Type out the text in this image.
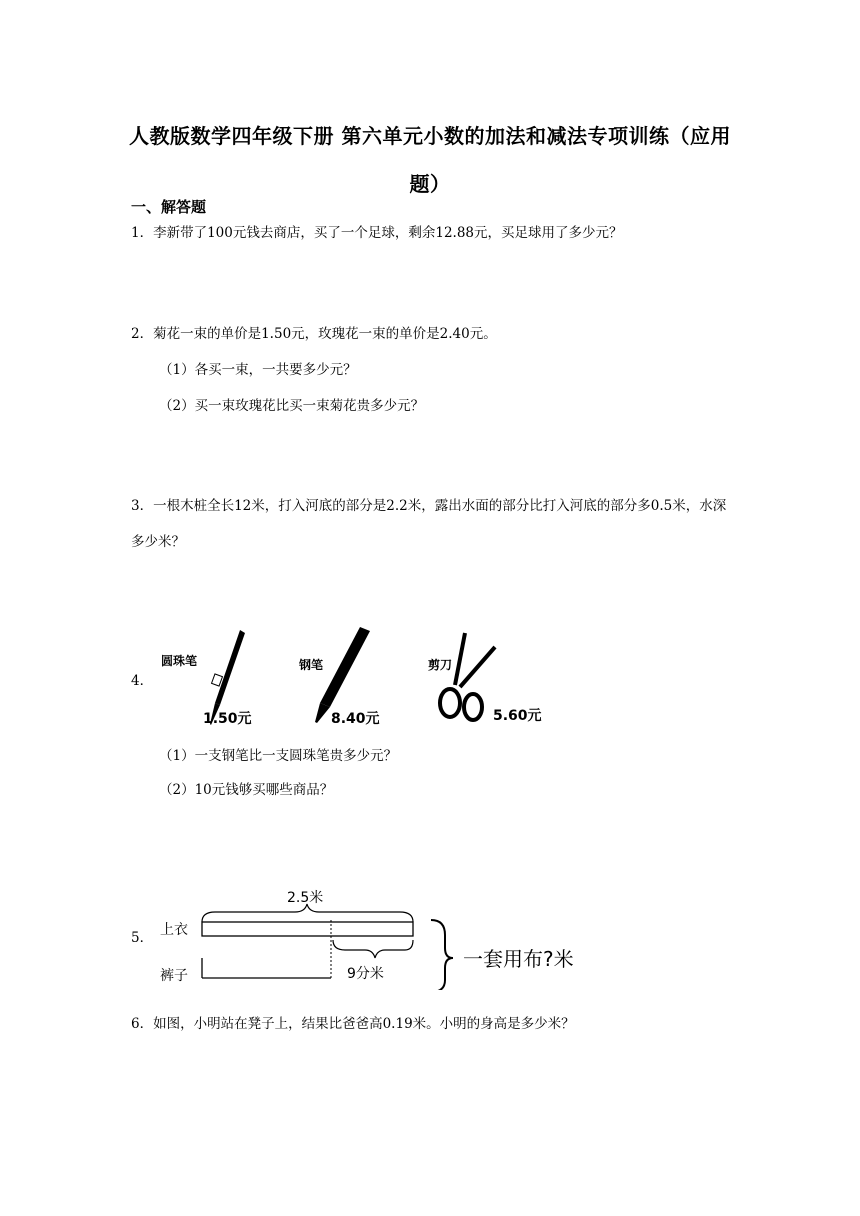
人教版数学四年级下册 第六单元小数的加法和减法专项训练（应用题）
一、解答题
1．李新带了100元钱去商店，买了一个足球，剩余12.88元，买足球用了多少元？
2．菊花一束的单价是1.50元，玫瑰花一束的单价是2.40元。
（1）各买一束，一共要多少元？
（2）买一束玫瑰花比买一束菊花贵多少元？
3．一根木桩全长12米，打入河底的部分是2.2米，露出水面的部分比打入河底的部分多0.5米，水深多少米？
4．
圆珠笔
1.50元
钢笔
8.40元
剪刀
5.60元
（1）一支钢笔比一支圆珠笔贵多少元？
（2）10元钱够买哪些商品？
5．
2.5米
上衣
裤子	9分米
一套用布?米
6．如图，小明站在凳子上，结果比爸爸高0.19米。小明的身高是多少米？
